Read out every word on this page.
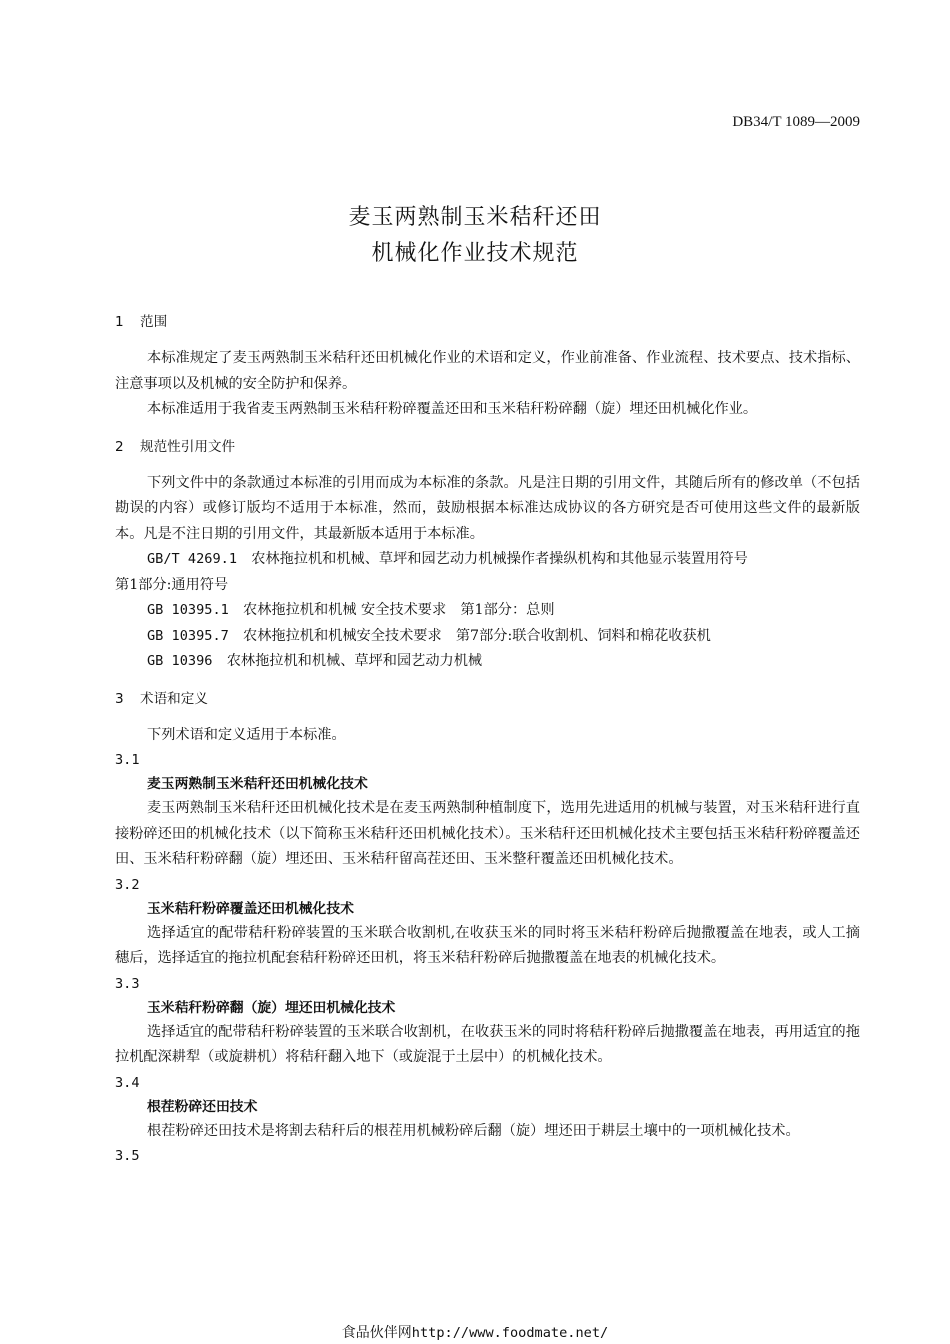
DB34/T 1089—2009
麦玉两熟制玉米秸秆还田
机械化作业技术规范
1 范围

本标准规定了麦玉两熟制玉米秸秆还田机械化作业的术语和定义，作业前准备、作业流程、技术要点、技术指标、注意事项以及机械的安全防护和保养。

本标准适用于我省麦玉两熟制玉米秸秆粉碎覆盖还田和玉米秸秆粉碎翻（旋）埋还田机械化作业。

2 规范性引用文件

下列文件中的条款通过本标准的引用而成为本标准的条款。凡是注日期的引用文件，其随后所有的修改单（不包括勘误的内容）或修订版均不适用于本标准，然而，鼓励根据本标准达成协议的各方研究是否可使用这些文件的最新版本。凡是不注日期的引用文件，其最新版本适用于本标准。

GB/T 4269.1　 农林拖拉机和机械、草坪和园艺动力机械操作者操纵机构和其他显示装置用符号

第1部分:通用符号

GB 10395.1　 农林拖拉机和机械 安全技术要求　第1部分：总则

GB 10395.7　 农林拖拉机和机械安全技术要求　第7部分:联合收割机、饲料和棉花收获机

GB 10396　 农林拖拉机和机械、草坪和园艺动力机械

3 术语和定义

下列术语和定义适用于本标准。

3.1
麦玉两熟制玉米秸秆还田机械化技术

麦玉两熟制玉米秸秆还田机械化技术是在麦玉两熟制种植制度下，选用先进适用的机械与装置，对玉米秸秆进行直接粉碎还田的机械化技术（以下简称玉米秸秆还田机械化技术）。玉米秸秆还田机械化技术主要包括玉米秸秆粉碎覆盖还田、玉米秸秆粉碎翻（旋）埋还田、玉米秸秆留高茬还田、玉米整秆覆盖还田机械化技术。

3.2
玉米秸秆粉碎覆盖还田机械化技术

选择适宜的配带秸秆粉碎装置的玉米联合收割机,在收获玉米的同时将玉米秸秆粉碎后抛撒覆盖在地表，或人工摘穗后，选择适宜的拖拉机配套秸秆粉碎还田机，将玉米秸秆粉碎后抛撒覆盖在地表的机械化技术。

3.3
玉米秸秆粉碎翻（旋）埋还田机械化技术

选择适宜的配带秸秆粉碎装置的玉米联合收割机，在收获玉米的同时将秸秆粉碎后抛撒覆盖在地表，再用适宜的拖拉机配深耕犁（或旋耕机）将秸秆翻入地下（或旋混于土层中）的机械化技术。

3.4
根茬粉碎还田技术

根茬粉碎还田技术是将割去秸秆后的根茬用机械粉碎后翻（旋）埋还田于耕层土壤中的一项机械化技术。

3.5
食品伙伴网http://www.foodmate.net/
